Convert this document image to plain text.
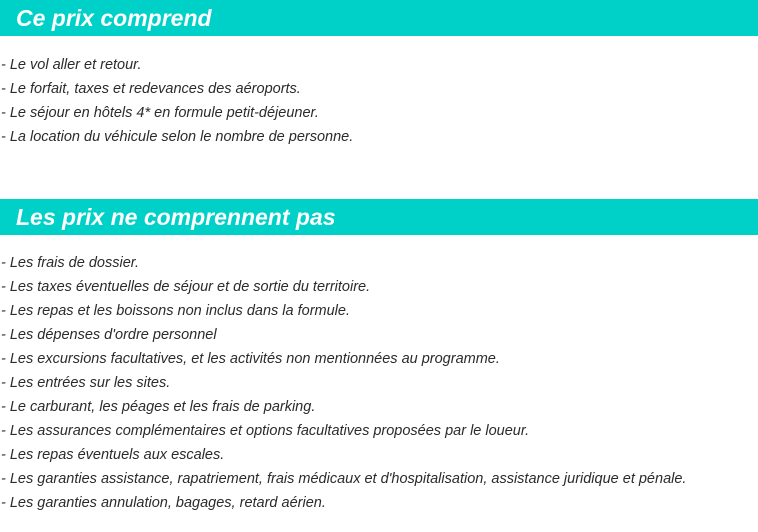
Ce prix comprend
- Le vol aller et retour.
- Le forfait, taxes et redevances des aéroports.
- Le séjour en hôtels 4* en formule petit-déjeuner.
- La location du véhicule selon le nombre de personne.
Les prix ne comprennent pas
- Les frais de dossier.
- Les taxes éventuelles de séjour et de sortie du territoire.
- Les repas et les boissons non inclus dans la formule.
- Les dépenses d'ordre personnel
- Les excursions facultatives, et les activités non mentionnées au programme.
- Les entrées sur les sites.
- Le carburant, les péages et les frais de parking.
- Les assurances complémentaires et options facultatives proposées par le loueur.
- Les repas éventuels aux escales.
- Les garanties assistance, rapatriement, frais médicaux et d'hospitalisation, assistance juridique et pénale.
- Les garanties annulation, bagages, retard aérien.
